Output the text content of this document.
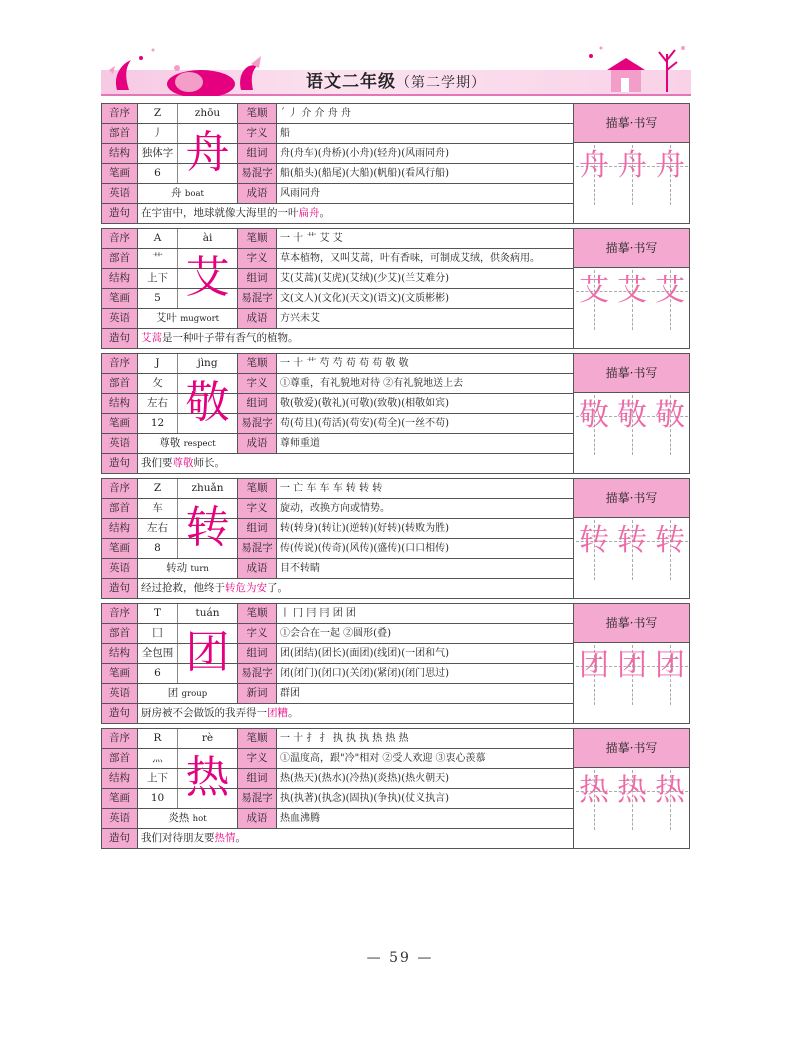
语文二年级（第二学期）
音序	Z	zhōu	笔顺	´ 丿 介 介 舟 舟
部首	丿	字义	船
结构	独体字	组词	舟(舟车)(舟桥)(小舟)(轻舟)(风雨同舟)
笔画	6	易混字 船(船头)(船尾)(大船)(帆船)(看风行船)
英语	舟 boat	成语	风雨同舟
造句	在宇宙中，地球就像大海里的一叶扁舟。
舟
描摹·书写
舟 舟 舟
音序	A	ài	笔顺	一 十 艹 艾 艾
部首	艹	字义	草本植物，又叫艾蒿，叶有香味，可制成艾绒，供灸病用。
结构	上下	组词	艾(艾蒿)(艾虎)(艾绒)(少艾)(兰艾难分)
笔画	5	易混字 文(文人)(文化)(天文)(语文)(文质彬彬)
英语	艾叶 mugwort	成语	方兴未艾
造句	艾蒿是一种叶子带有香气的植物。
艾
描摹·书写
艾 艾 艾
音序	J	jìng	笔顺	一 十 艹 芍 芍 苟 苟 苟 敬 敬
部首	攵	字义	①尊重，有礼貌地对待 ②有礼貌地送上去
结构	左右	组词	敬(敬爱)(敬礼)(可敬)(致敬)(相敬如宾)
笔画	12	易混字 苟(苟且)(苟活)(苟安)(苟全)(一丝不苟)
英语	尊敬 respect	成语	尊师重道
造句	我们要尊敬师长。
敬
描摹·书写
敬 敬 敬
音序	Z	zhuǎn	笔顺	一 亡 车 车 车 转 转 转
部首	车	字义	旋动，改换方向或情势。
结构	左右	组词	转(转身)(转让)(逆转)(好转)(转败为胜)
笔画	8	易混字 传(传说)(传奇)(风传)(盛传)(口口相传)
英语	转动 turn	成语	目不转睛
造句	经过抢救，他终于转危为安了。
转
描摹·书写
转 转 转
音序	T	tuán	笔顺	丨 冂 冃 冃 团 团
部首	囗	字义	①会合在一起 ②圆形(叠)
结构	全包围	组词	团(团结)(团长)(面团)(线团)(一团和气)
笔画	6	易混字 闭(闭门)(闭口)(关闭)(紧闭)(闭门思过)
英语	团 group	新词	群团
造句	厨房被不会做饭的我弄得一团糟。
团
描摹·书写
团 团 团
音序	R	rè	笔顺	一 十 扌 扌 执 执 执 热 热 热
部首	灬	字义	①温度高，跟"冷"相对 ②受人欢迎 ③衷心羡慕
结构	上下	组词	热(热天)(热水)(冷热)(炎热)(热火朝天)
笔画	10	易混字 执(执著)(执念)(固执)(争执)(仗义执言)
英语	炎热 hot	成语	热血沸腾
造句	我们对待朋友要热情。
热
描摹·书写
热 热 热
— 59 —
